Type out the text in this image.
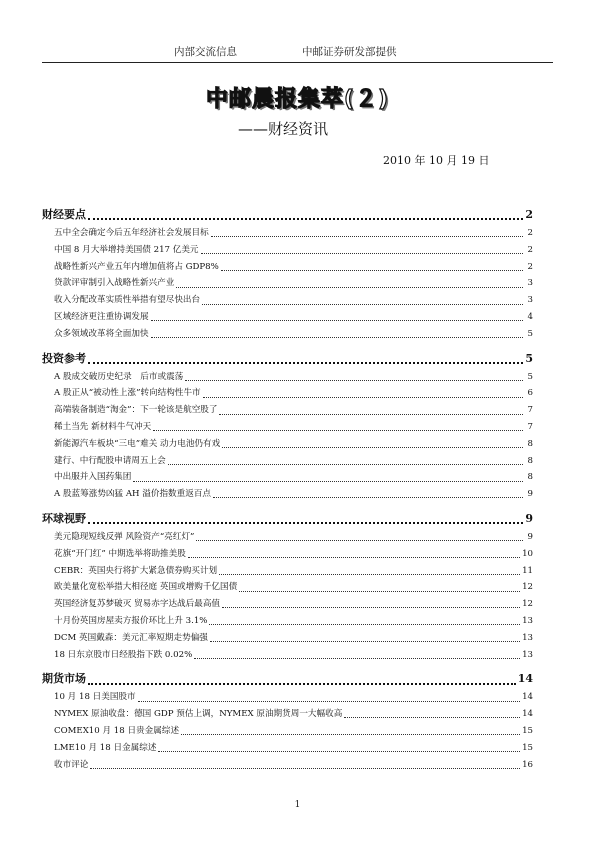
内部交流信息	中邮证券研发部提供
中邮晨报集萃(２)
——财经资讯
2010 年 10 月 19 日
财经要点	2
五中全会确定今后五年经济社会发展目标	2
中国 8 月大举增持美国债 217 亿美元	2
战略性新兴产业五年内增加值将占 GDP8%	2
贷款评审制引入战略性新兴产业	3
收入分配改革实质性举措有望尽快出台	3
区域经济更注重协调发展	4
众多领域改革将全面加快	5
投资参考	5
A 股成交破历史纪录　后市或震荡	5
A 股正从“被动性上涨”转向结构性牛市	6
高端装备制造“淘金”：下一轮该是航空股了	7
稀土当先 新材料牛气冲天	7
新能源汽车板块“三电”难关 动力电池仍有戏	8
建行、中行配股申请周五上会	8
中出服并入国药集团	8
A 股蓝筹涨势凶猛 AH 溢价指数重返百点	9
环球视野	9
美元隐现短线反弹 风险资产“亮红灯”	9
花旗“开门红” 中期选举将助推美股	10
CEBR：英国央行将扩大紧急债券购买计划	11
欧美量化宽松举措大相径庭 英国或增购千亿国债	12
英国经济复苏梦破灭 贸易赤字达战后最高值	12
十月份英国房屋卖方报价环比上升 3.1%	13
DCM 英国戴森：美元汇率短期走势偏强	13
18 日东京股市日经股指下跌 0.02%	13
期货市场	14
10 月 18 日美国股市	14
NYMEX 原油收盘：德国 GDP 预估上调，NYMEX 原油期货周一大幅收高	14
COMEX10 月 18 日贵金属综述	15
LME10 月 18 日金属综述	15
收市评论	16
1
